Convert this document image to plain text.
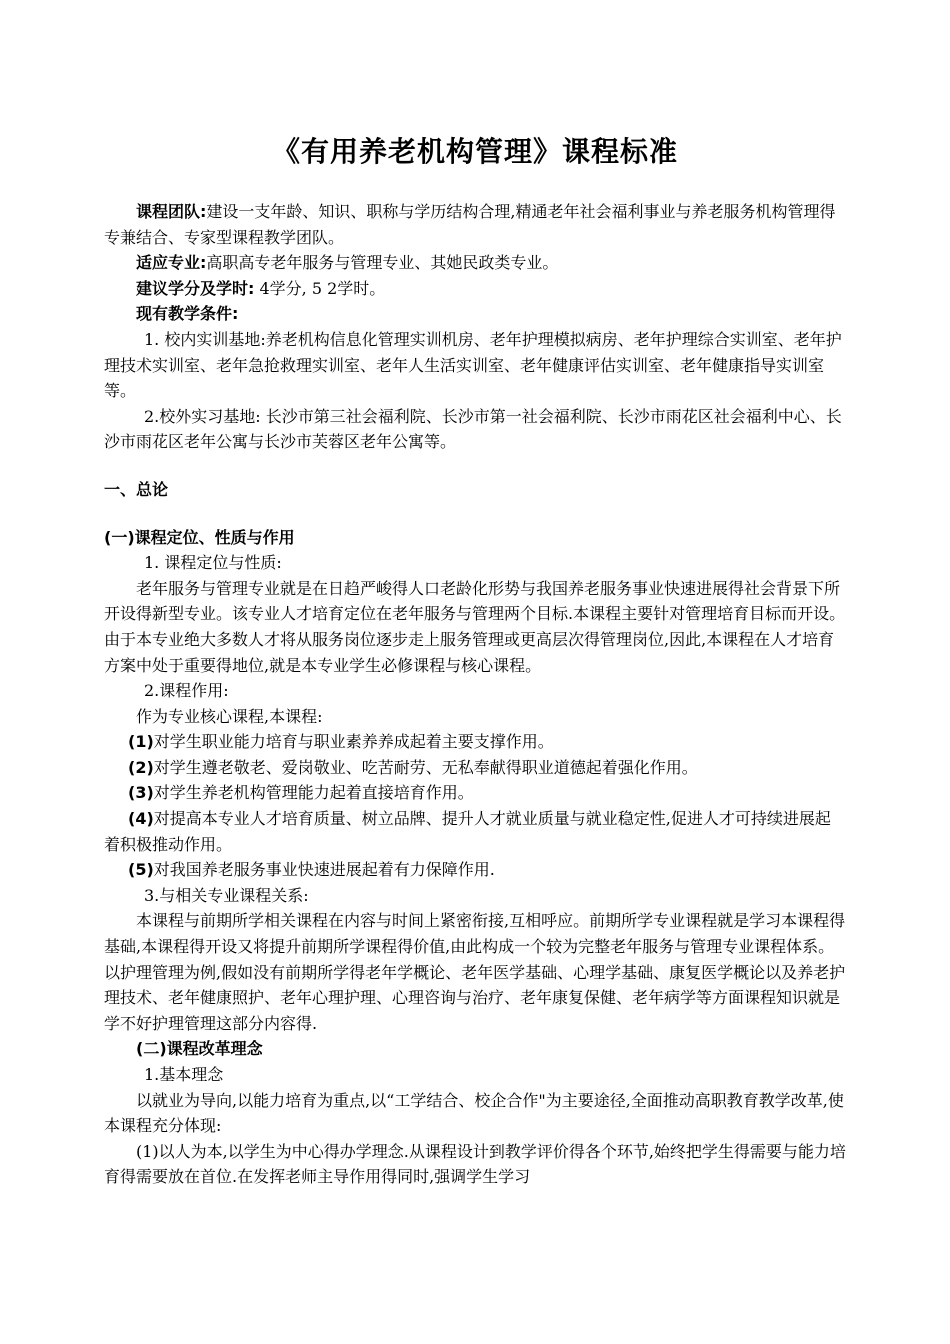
《有用养老机构管理》课程标准

课程团队:建设一支年龄、知识、职称与学历结构合理,精通老年社会福利事业与养老服务机构管理得专兼结合、专家型课程教学团队。

适应专业:高职高专老年服务与管理专业、其她民政类专业。

建议学分及学时: 4学分, 5 2学时。

现有教学条件:

1. 校内实训基地:养老机构信息化管理实训机房、老年护理模拟病房、老年护理综合实训室、老年护理技术实训室、老年急抢救理实训室、老年人生活实训室、老年健康评估实训室、老年健康指导实训室等。

2.校外实习基地: 长沙市第三社会福利院、长沙市第一社会福利院、长沙市雨花区社会福利中心、长沙市雨花区老年公寓与长沙市芙蓉区老年公寓等。

一、总论

(一)课程定位、性质与作用

1. 课程定位与性质:

老年服务与管理专业就是在日趋严峻得人口老龄化形势与我国养老服务事业快速进展得社会背景下所开设得新型专业。该专业人才培育定位在老年服务与管理两个目标.本课程主要针对管理培育目标而开设。由于本专业绝大多数人才将从服务岗位逐步走上服务管理或更高层次得管理岗位,因此,本课程在人才培育方案中处于重要得地位,就是本专业学生必修课程与核心课程。

2.课程作用:

作为专业核心课程,本课程:

(1)对学生职业能力培育与职业素养养成起着主要支撑作用。

(2)对学生遵老敬老、爱岗敬业、吃苦耐劳、无私奉献得职业道德起着强化作用。

(3)对学生养老机构管理能力起着直接培育作用。

(4)对提高本专业人才培育质量、树立品牌、提升人才就业质量与就业稳定性,促进人才可持续进展起着积极推动作用。

(5)对我国养老服务事业快速进展起着有力保障作用.

3.与相关专业课程关系:

本课程与前期所学相关课程在内容与时间上紧密衔接,互相呼应。前期所学专业课程就是学习本课程得基础,本课程得开设又将提升前期所学课程得价值,由此构成一个较为完整老年服务与管理专业课程体系。以护理管理为例,假如没有前期所学得老年学概论、老年医学基础、心理学基础、康复医学概论以及养老护理技术、老年健康照护、老年心理护理、心理咨询与治疗、老年康复保健、老年病学等方面课程知识就是学不好护理管理这部分内容得.

(二)课程改革理念

1.基本理念

以就业为导向,以能力培育为重点,以“工学结合、校企合作"为主要途径,全面推动高职教育教学改革,使本课程充分体现:

(1)以人为本,以学生为中心得办学理念.从课程设计到教学评价得各个环节,始终把学生得需要与能力培育得需要放在首位.在发挥老师主导作用得同时,强调学生学习
